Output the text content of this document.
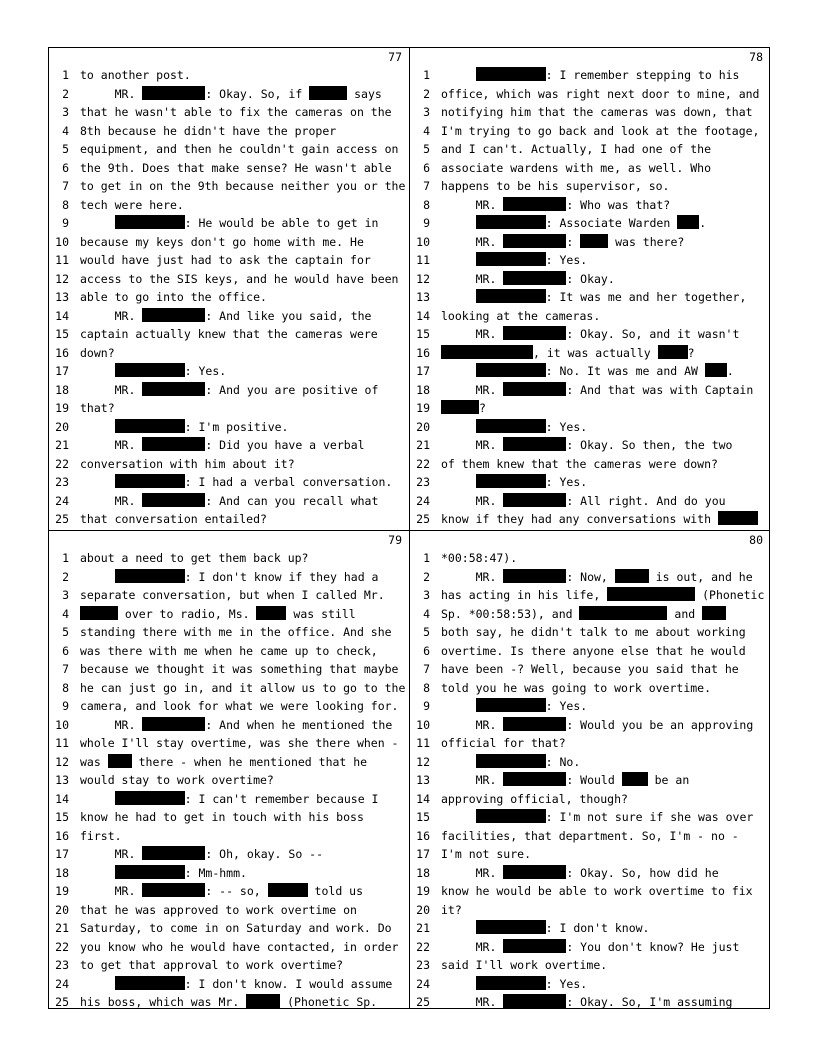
77
1 to another post.
2 MR.	: Okay. So, if	says
3 that he wasn't able to fix the cameras on the
4 8th because he didn't have the proper
5 equipment, and then he couldn't gain access on
6 the 9th. Does that make sense? He wasn't able
7 to get in on the 9th because neither you or the
8 tech were here.
9	: He would be able to get in
10 because my keys don't go home with me. He
11 would have just had to ask the captain for
12 access to the SIS keys, and he would have been
13 able to go into the office.
14 MR.	: And like you said, the
15 captain actually knew that the cameras were
16 down?
17	: Yes.
18 MR.	: And you are positive of
19 that?
20	: I'm positive.
21 MR.	: Did you have a verbal
22 conversation with him about it?
23	: I had a verbal conversation.
24 MR.	: And can you recall what
25 that conversation entailed?
78
1	: I remember stepping to his
2 office, which was right next door to mine, and
3 notifying him that the cameras was down, that
4 I'm trying to go back and look at the footage,
5 and I can't. Actually, I had one of the
6 associate wardens with me, as well. Who
7 happens to be his supervisor, so.
8 MR.	: Who was that?
9	: Associate Warden .
10 MR.	:  was there?
11	: Yes.
12 MR.	: Okay.
13	: It was me and her together,
14 looking at the cameras.
15 MR.	: Okay. So, and it wasn't
16	, it was actually	?
17	: No. It was me and AW .
18 MR.	: And that was with Captain
19	?
20	: Yes.
21 MR.	: Okay. So then, the two
22 of them knew that the cameras were down?
23	: Yes.
24 MR.	: All right. And do you
25 know if they had any conversations with
79
1 about a need to get them back up?
2	: I don't know if they had a
3 separate conversation, but when I called Mr.
4	over to radio, Ms.	was still
5 standing there with me in the office. And she
6 was there with me when he came up to check,
7 because we thought it was something that maybe
8 he can just go in, and it allow us to go to the
9 camera, and look for what we were looking for.
10 MR.	: And when he mentioned the
11 whole I'll stay overtime, was she there when -
12 was  there - when he mentioned that he
13 would stay to work overtime?
14	: I can't remember because I
15 know he had to get in touch with his boss
16 first.
17 MR.	: Oh, okay. So --
18	: Mm-hmm.
19 MR.	: -- so,	told us
20 that he was approved to work overtime on
21 Saturday, to come in on Saturday and work. Do
22 you know who he would have contacted, in order
23 to get that approval to work overtime?
24	: I don't know. I would assume
25 his boss, which was Mr.	(Phonetic Sp.
80
1 *00:58:47).
2 MR.	: Now,	is out, and he
3 has acting in his life,	(Phonetic
4 Sp. *00:58:53), and	and
5 both say, he didn't talk to me about working
6 overtime. Is there anyone else that he would
7 have been -? Well, because you said that he
8 told you he was going to work overtime.
9	: Yes.
10 MR.	: Would you be an approving
11 official for that?
12	: No.
13 MR.	: Would  be an
14 approving official, though?
15	: I'm not sure if she was over
16 facilities, that department. So, I'm - no -
17 I'm not sure.
18 MR.	: Okay. So, how did he
19 know he would be able to work overtime to fix
20 it?
21	: I don't know.
22 MR.	: You don't know? He just
23 said I'll work overtime.
24	: Yes.
25 MR.	: Okay. So, I'm assuming
